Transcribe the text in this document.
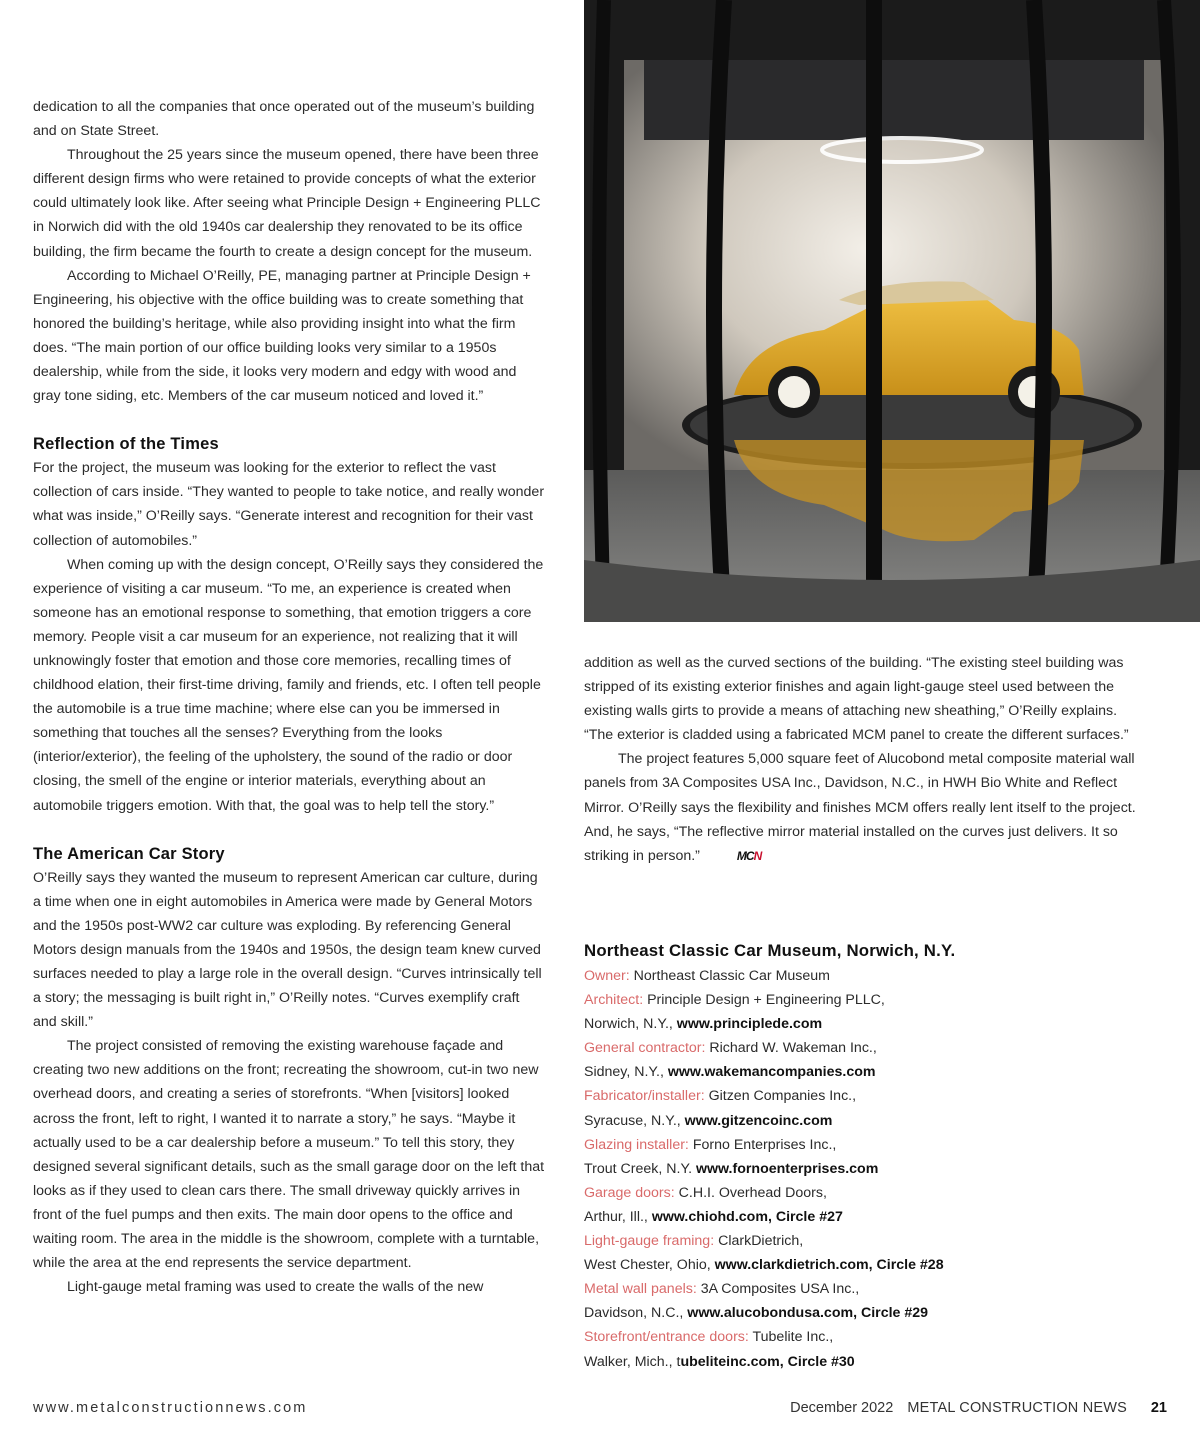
dedication to all the companies that once operated out of the museum’s building and on State Street.

Throughout the 25 years since the museum opened, there have been three different design firms who were retained to provide concepts of what the exterior could ultimately look like. After seeing what Principle Design + Engineering PLLC in Norwich did with the old 1940s car dealership they renovated to be its office building, the firm became the fourth to create a design concept for the museum.

According to Michael O’Reilly, PE, managing partner at Principle Design + Engineering, his objective with the office building was to create something that honored the building’s heritage, while also providing insight into what the firm does. “The main portion of our office building looks very similar to a 1950s dealership, while from the side, it looks very modern and edgy with wood and gray tone siding, etc. Members of the car museum noticed and loved it.”

Reflection of the Times

For the project, the museum was looking for the exterior to reflect the vast collection of cars inside. “They wanted to people to take notice, and really wonder what was inside,” O’Reilly says. “Generate interest and recognition for their vast collection of automobiles.”

When coming up with the design concept, O’Reilly says they considered the experience of visiting a car museum. “To me, an experience is created when someone has an emotional response to something, that emotion triggers a core memory. People visit a car museum for an experience, not realizing that it will unknowingly foster that emotion and those core memories, recalling times of childhood elation, their first-time driving, family and friends, etc. I often tell people the automobile is a true time machine; where else can you be immersed in something that touches all the senses? Everything from the looks (interior/exterior), the feeling of the upholstery, the sound of the radio or door closing, the smell of the engine or interior materials, everything about an automobile triggers emotion. With that, the goal was to help tell the story.”

The American Car Story

O’Reilly says they wanted the museum to represent American car culture, during a time when one in eight automobiles in America were made by General Motors and the 1950s post-WW2 car culture was exploding. By referencing General Motors design manuals from the 1940s and 1950s, the design team knew curved surfaces needed to play a large role in the overall design. “Curves intrinsically tell a story; the messaging is built right in,” O’Reilly notes. “Curves exemplify craft and skill.”

The project consisted of removing the existing warehouse façade and creating two new additions on the front; recreating the showroom, cut-in two new overhead doors, and creating a series of storefronts. “When [visitors] looked across the front, left to right, I wanted it to narrate a story,” he says. “Maybe it actually used to be a car dealership before a museum.” To tell this story, they designed several significant details, such as the small garage door on the left that looks as if they used to clean cars there. The small driveway quickly arrives in front of the fuel pumps and then exits. The main door opens to the office and waiting room. The area in the middle is the showroom, complete with a turntable, while the area at the end represents the service department.

Light-gauge metal framing was used to create the walls of the new

addition as well as the curved sections of the building. “The existing steel building was stripped of its existing exterior finishes and again light-gauge steel used between the existing walls girts to provide a means of attaching new sheathing,” O’Reilly explains. “The exterior is cladded using a fabricated MCM panel to create the different surfaces.”

The project features 5,000 square feet of Alucobond metal composite material wall panels from 3A Composites USA Inc., Davidson, N.C., in HWH Bio White and Reflect Mirror. O’Reilly says the flexibility and finishes MCM offers really lent itself to the project. And, he says, “The reflective mirror material installed on the curves just delivers. It so striking in person.”	MCN

Northeast Classic Car Museum, Norwich, N.Y.
Owner: Northeast Classic Car Museum
Architect: Principle Design + Engineering PLLC,
Norwich, N.Y., www.principlede.com
General contractor: Richard W. Wakeman Inc.,
Sidney, N.Y., www.wakemancompanies.com
Fabricator/installer: Gitzen Companies Inc.,
Syracuse, N.Y., www.gitzencoinc.com
Glazing installer: Forno Enterprises Inc.,
Trout Creek, N.Y. www.fornoenterprises.com
Garage doors: C.H.I. Overhead Doors,
Arthur, Ill., www.chiohd.com, Circle #27
Light-gauge framing: ClarkDietrich,
West Chester, Ohio, www.clarkdietrich.com, Circle #28
Metal wall panels: 3A Composites USA Inc.,
Davidson, N.C., www.alucobondusa.com, Circle #29
Storefront/entrance doors: Tubelite Inc.,
Walker, Mich., tubeliteinc.com, Circle #30
www.metalconstructionnews.com	December 2022 METAL CONSTRUCTION NEWS 21
